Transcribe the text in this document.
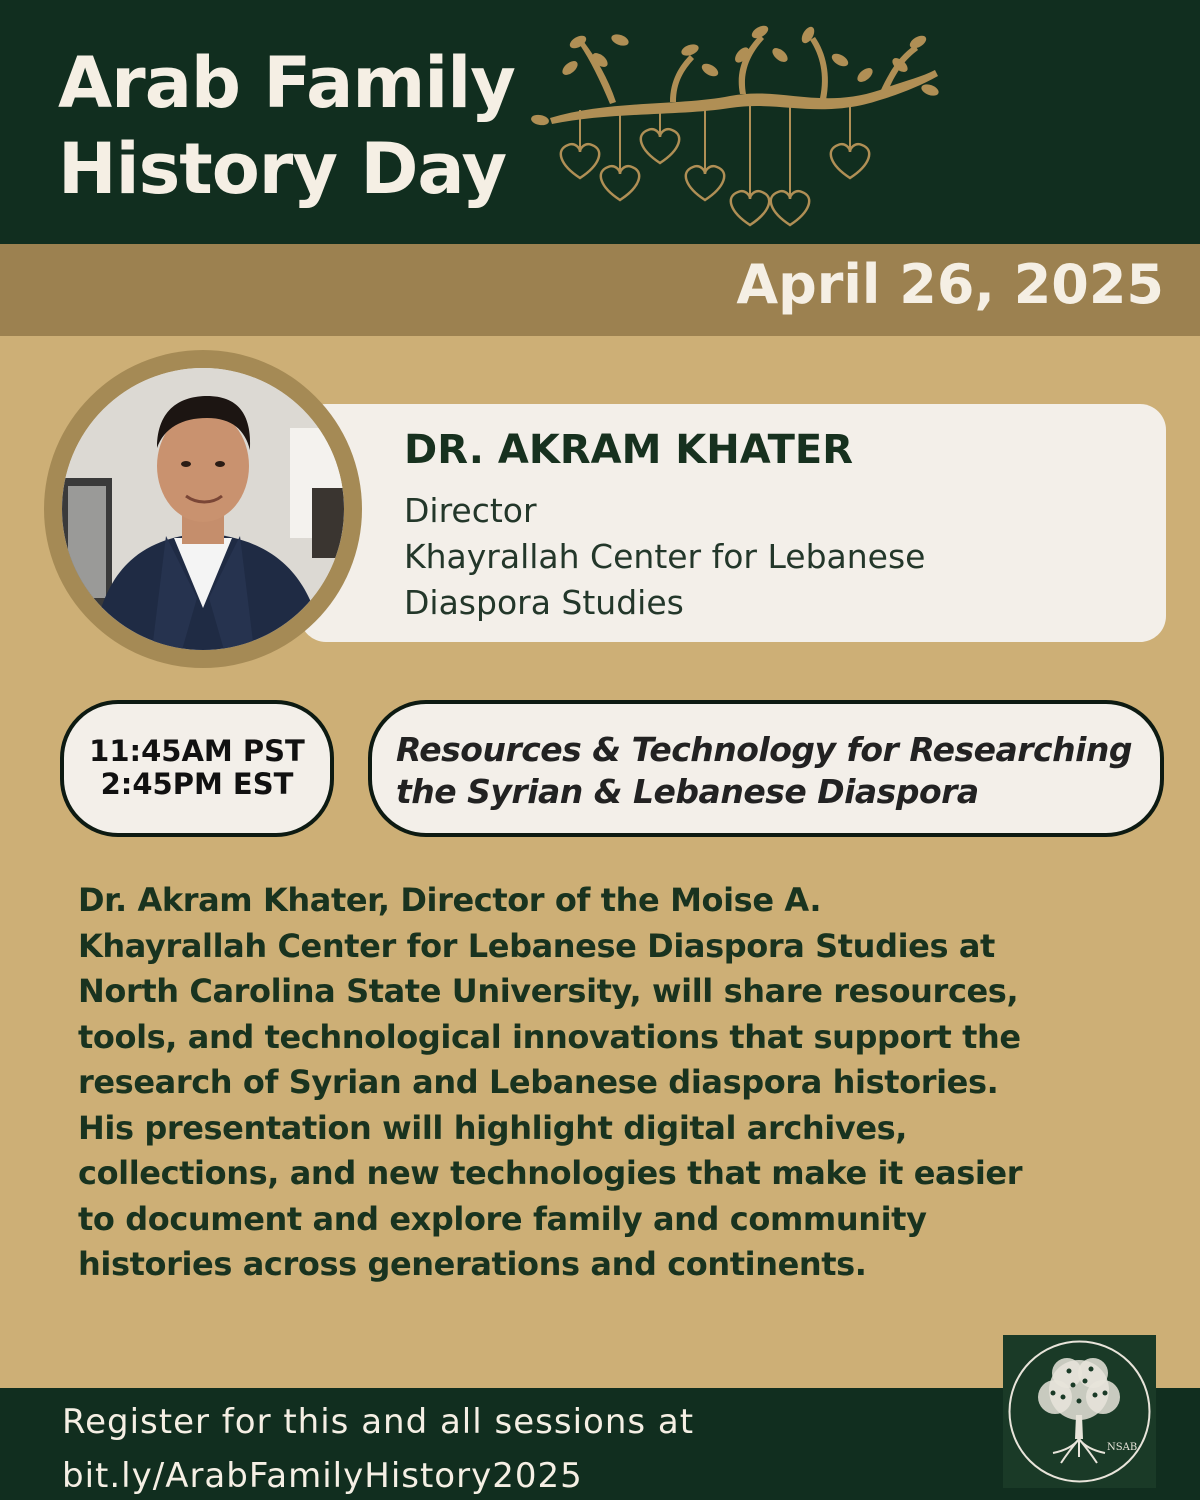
Arab Family
History Day
April 26, 2025
DR. AKRAM KHATER
Director
Khayrallah Center for Lebanese
Diaspora Studies
11:45AM PST
2:45PM EST
Resources & Technology for Researching
the Syrian & Lebanese Diaspora
Dr. Akram Khater, Director of the Moise A.
Khayrallah Center for Lebanese Diaspora Studies at
North Carolina State University, will share resources,
tools, and technological innovations that support the
research of Syrian and Lebanese diaspora histories.
His presentation will highlight digital archives,
collections, and new technologies that make it easier
to document and explore family and community
histories across generations and continents.
Register for this and all sessions at
bit.ly/ArabFamilyHistory2025
NSAB
